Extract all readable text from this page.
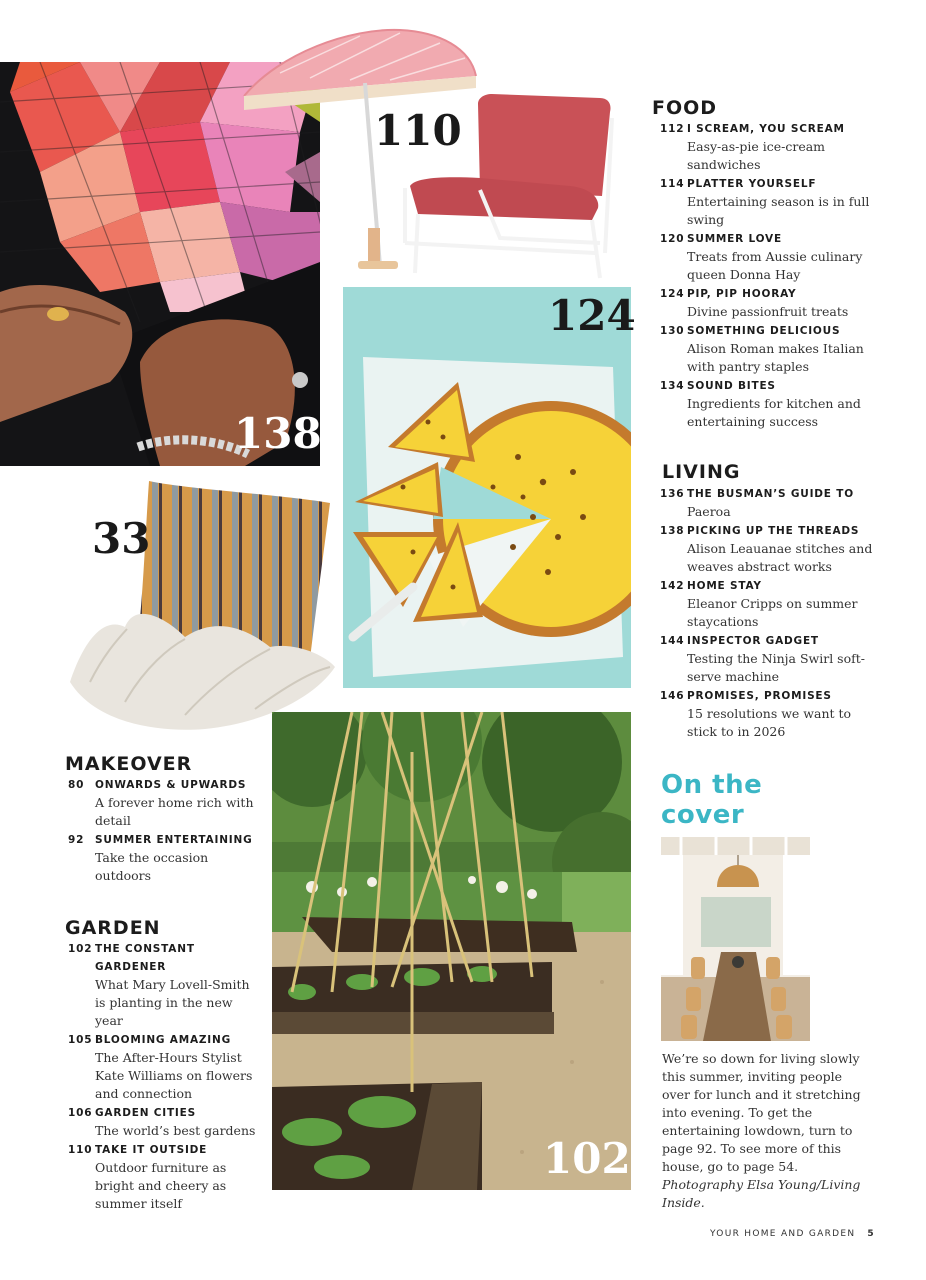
110

124

138

33

102

FOOD
112 I SCREAM, YOU SCREAM
Easy-as-pie ice-cream sandwiches
114 PLATTER YOURSELF
Entertaining season is in full swing
120 SUMMER LOVE
Treats from Aussie culinary queen Donna Hay
124 PIP, PIP HOORAY
Divine passionfruit treats
130 SOMETHING DELICIOUS
Alison Roman makes Italian with pantry staples
134 SOUND BITES
Ingredients for kitchen and entertaining success
LIVING
136 THE BUSMAN’S GUIDE TO
Paeroa
138 PICKING UP THE THREADS
Alison Leauanae stitches and weaves abstract works
142 HOME STAY
Eleanor Cripps on summer staycations
144 INSPECTOR GADGET
Testing the Ninja Swirl soft-serve machine
146 PROMISES, PROMISES
15 resolutions we want to stick to in 2026
MAKEOVER
80	ONWARDS & UPWARDS
A forever home rich with detail
92	SUMMER ENTERTAINING
Take the occasion outdoors
GARDEN
102 THE CONSTANT GARDENER
What Mary Lovell-Smith is planting in the new year
105 BLOOMING AMAZING
The After-Hours Stylist Kate Williams on flowers and connection
106 GARDEN CITIES
The world’s best gardens
110 TAKE IT OUTSIDE
Outdoor furniture as bright and cheery as summer itself
On the
cover

We’re so down for living slowly this summer, inviting people over for lunch and it stretching into evening. To get the entertaining lowdown, turn to page 92. To see more of this house, go to page 54. Photography Elsa Young/Living Inside.

YOUR HOME AND GARDEN 5
